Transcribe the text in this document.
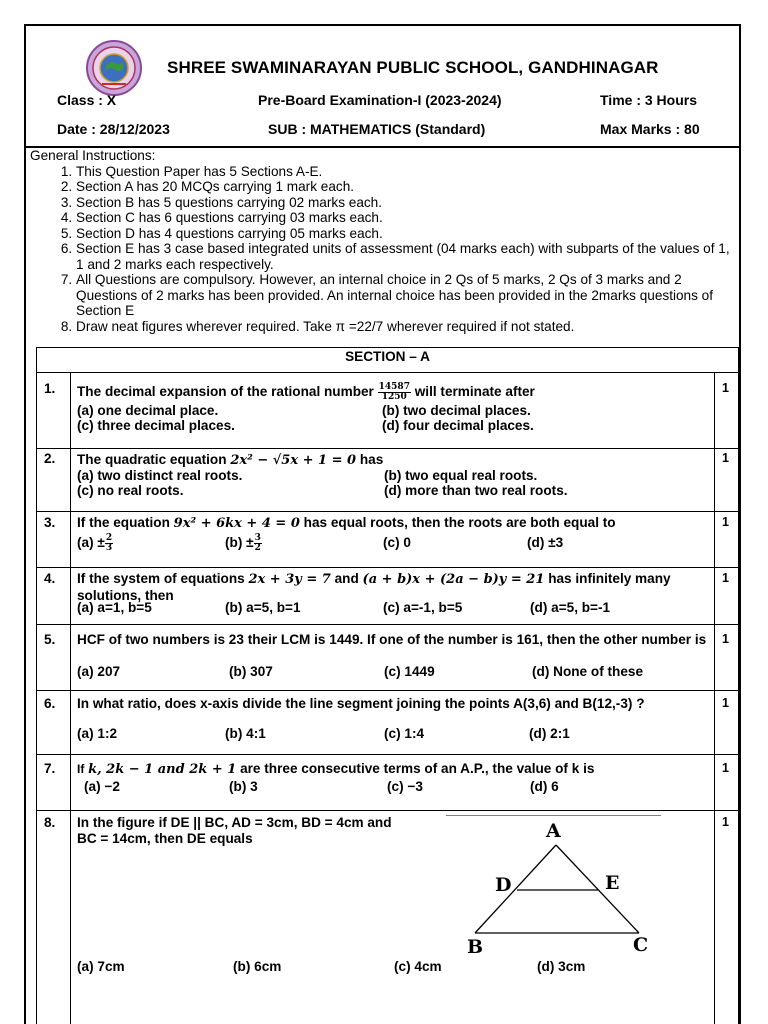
SHREE SWAMINARAYAN PUBLIC SCHOOL, GANDHINAGAR
Class : X	Pre-Board Examination-I (2023-2024)	Time : 3 Hours
Date : 28/12/2023	SUB : MATHEMATICS (Standard)	Max Marks : 80
General Instructions:
1. This Question Paper has 5 Sections A-E.
2. Section A has 20 MCQs carrying 1 mark each.
3. Section B has 5 questions carrying 02 marks each.
4. Section C has 6 questions carrying 03 marks each.
5. Section D has 4 questions carrying 05 marks each.
6. Section E has 3 case based integrated units of assessment (04 marks each) with subparts of the values of 1, 1 and 2 marks each respectively.
7. All Questions are compulsory. However, an internal choice in 2 Qs of 5 marks, 2 Qs of 3 marks and 2 Questions of 2 marks has been provided. An internal choice has been provided in the 2marks questions of Section E
8. Draw neat figures wherever required. Take π =22/7 wherever required if not stated.
SECTION – A
1.	1
The decimal expansion of the rational number $\frac{14587}{1250}$ will terminate after
(a) one decimal place.	(b) two decimal places.
(c) three decimal places.	(d) four decimal places.
2.	1
The quadratic equation 2x² − √5x + 1 = 0 has
(a) two distinct real roots.	(b) two equal real roots.
(c) no real roots.	(d) more than two real roots.
3.	1
If the equation 9x² + 6kx + 4 = 0 has equal roots, then the roots are both equal to
$(a) \pm \frac{2}{3}$	$(b) \pm \frac{3}{2}$	(c) 0	(d) ±3
4.	1
If the system of equations 2x + 3y = 7 and (a + b)x + (2a − b)y = 21 has infinitely many solutions, then
(a) a=1, b=5	(b) a=5, b=1	(c) a=-1, b=5	(d) a=5, b=-1
5.	1
HCF of two numbers is 23 their LCM is 1449. If one of the number is 161, then the other number is
(a) 207	(b) 307	(c) 1449	(d) None of these
6.	1
In what ratio, does x-axis divide the line segment joining the points A(3,6) and B(12,-3) ?
(a) 1:2	(b) 4:1	(c) 1:4	(d) 2:1
7.	1
If k, 2k − 1 and 2k + 1 are three consecutive terms of an A.P., the value of k is
(a) −2	(b) 3	(c) −3	(d) 6
8.	1
In the figure if DE || BC, AD = 3cm, BD = 4cm and BC = 14cm, then DE equals	A
D	E
B	C
(a) 7cm	(b) 6cm	(c) 4cm	(d) 3cm
